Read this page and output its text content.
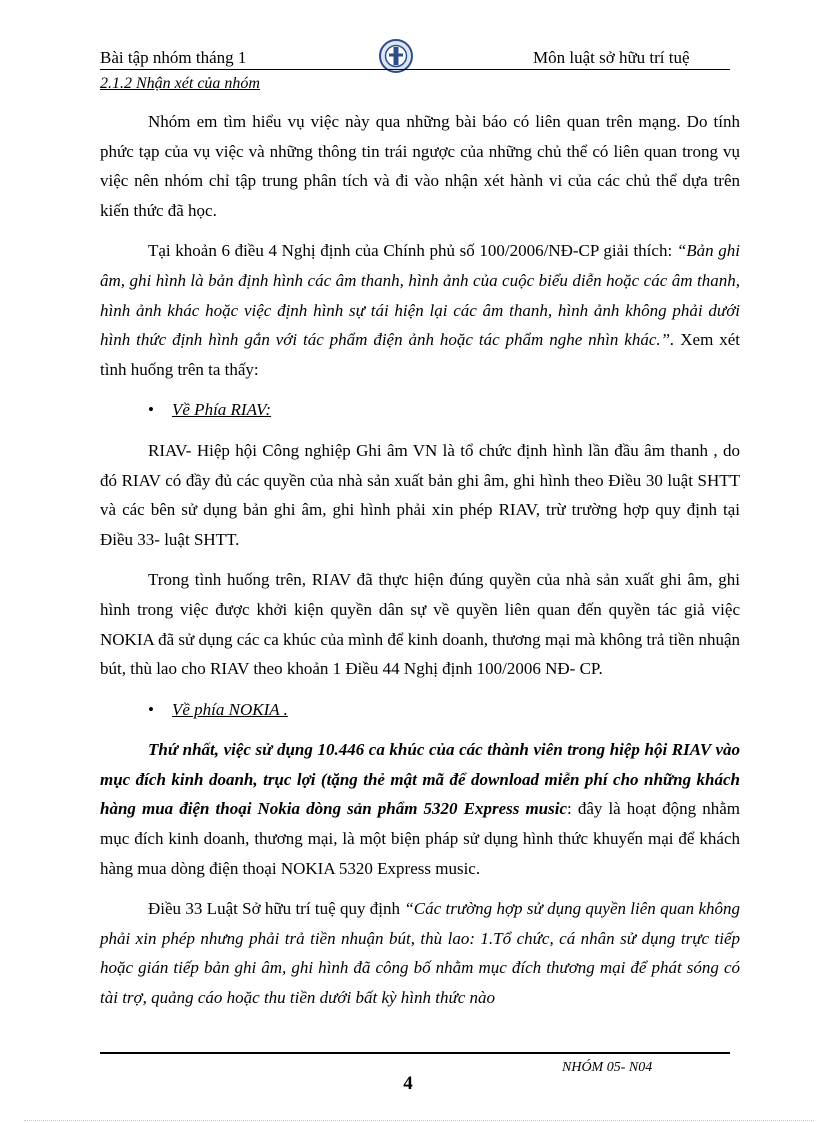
Bài tập nhóm tháng 1	Môn luật sở hữu trí tuệ
2.1.2 Nhận xét của nhóm

Nhóm em tìm hiểu vụ việc này qua những bài báo có liên quan trên mạng. Do tính phức tạp của vụ việc và những thông tin trái ngược của những chủ thể có liên quan trong vụ việc nên nhóm chỉ tập trung phân tích và đi vào nhận xét hành vi của các chủ thể dựa trên kiến thức đã học.

Tại khoản 6 điều 4 Nghị định của Chính phủ số 100/2006/NĐ-CP giải thích: “Bản ghi âm, ghi hình là bản định hình các âm thanh, hình ảnh của cuộc biểu diễn hoặc các âm thanh, hình ảnh khác hoặc việc định hình sự tái hiện lại các âm thanh, hình ảnh không phải dưới hình thức định hình gắn với tác phẩm điện ảnh hoặc tác phẩm nghe nhìn khác.”. Xem xét tình huống trên ta thấy:

• Về Phía RIAV:

RIAV- Hiệp hội Công nghiệp Ghi âm VN là tổ chức định hình lần đầu âm thanh , do đó RIAV có đầy đủ các quyền của nhà sản xuất bản ghi âm, ghi hình theo Điều 30 luật SHTT và các bên sử dụng bản ghi âm, ghi hình phải xin phép RIAV, trừ trường hợp quy định tại Điều 33- luật SHTT.

Trong tình huống trên, RIAV đã thực hiện đúng quyền của nhà sản xuất ghi âm, ghi hình trong việc được khởi kiện quyền dân sự về quyền liên quan đến quyền tác giả việc NOKIA đã sử dụng các ca khúc của mình để kinh doanh, thương mại mà không trả tiền nhuận bút, thù lao cho RIAV theo khoản 1 Điều 44 Nghị định 100/2006 NĐ- CP.

• Về phía NOKIA .

Thứ nhất, việc sử dụng 10.446 ca khúc của các thành viên trong hiệp hội RIAV vào mục đích kinh doanh, trục lợi (tặng thẻ mật mã để download miễn phí cho những khách hàng mua điện thoại Nokia dòng sản phẩm 5320 Express music: đây là hoạt động nhằm mục đích kinh doanh, thương mại, là một biện pháp sử dụng hình thức khuyến mại để khách hàng mua dòng điện thoại NOKIA 5320 Express music.

Điều 33 Luật Sở hữu trí tuệ quy định “Các trường hợp sử dụng quyền liên quan không phải xin phép nhưng phải trả tiền nhuận bút, thù lao: 1.Tổ chức, cá nhân sử dụng trực tiếp hoặc gián tiếp bản ghi âm, ghi hình đã công bố nhằm mục đích thương mại để phát sóng có tài trợ, quảng cáo hoặc thu tiền dưới bất kỳ hình thức nào

NHÓM 05- N04
4
